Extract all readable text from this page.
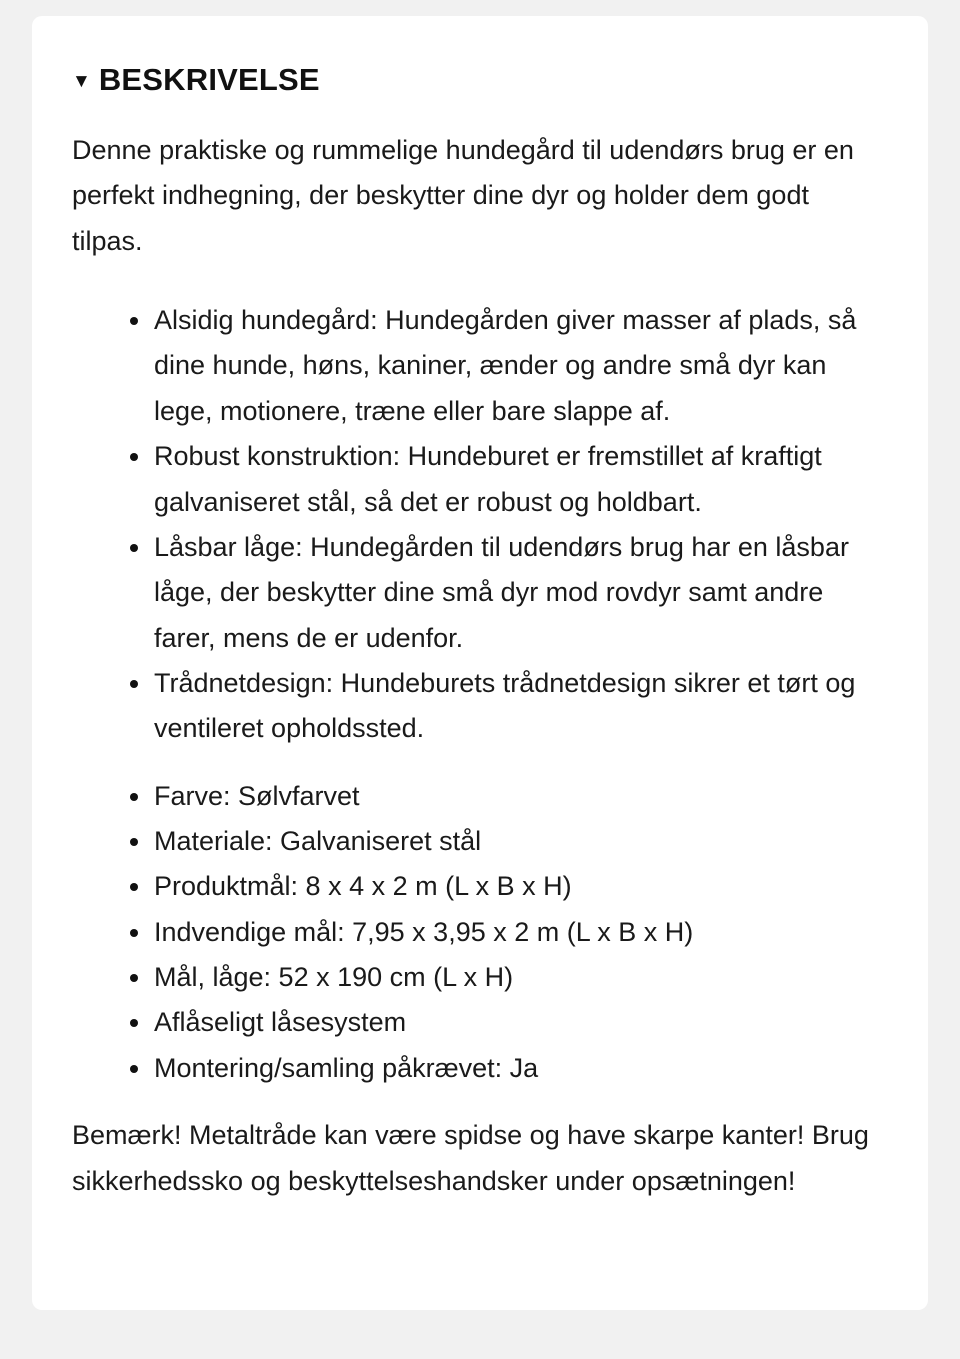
▼ BESKRIVELSE

Denne praktiske og rummelige hundegård til udendørs brug er en perfekt indhegning, der beskytter dine dyr og holder dem godt tilpas.

Alsidig hundegård: Hundegården giver masser af plads, så dine hunde, høns, kaniner, ænder og andre små dyr kan lege, motionere, træne eller bare slappe af.
Robust konstruktion: Hundeburet er fremstillet af kraftigt galvaniseret stål, så det er robust og holdbart.
Låsbar låge: Hundegården til udendørs brug har en låsbar låge, der beskytter dine små dyr mod rovdyr samt andre farer, mens de er udenfor.
Trådnetdesign: Hundeburets trådnetdesign sikrer et tørt og ventileret opholdssted.
Farve: Sølvfarvet
Materiale: Galvaniseret stål
Produktmål: 8 x 4 x 2 m (L x B x H)
Indvendige mål: 7,95 x 3,95 x 2 m (L x B x H)
Mål, låge: 52 x 190 cm (L x H)
Aflåseligt låsesystem
Montering/samling påkrævet: Ja

Bemærk! Metaltråde kan være spidse og have skarpe kanter! Brug sikkerhedssko og beskyttelseshandsker under opsætningen!
